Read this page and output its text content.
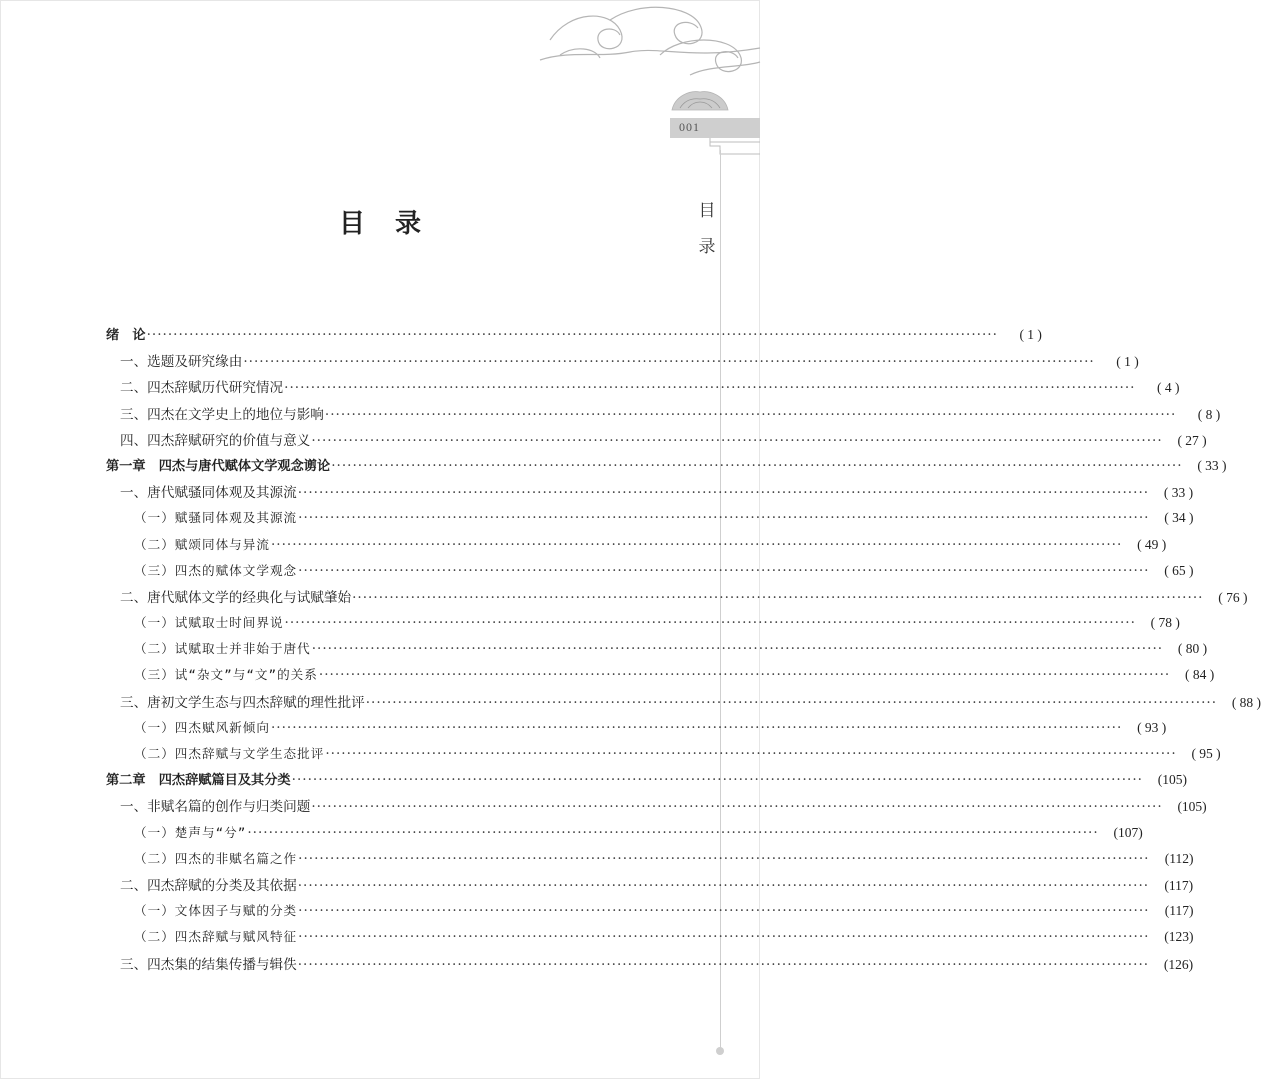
001
目
录
目录
绪　论 ································································································································································	( 1 )
一、选题及研究缘由 ································································································································································	( 1 )
二、四杰辞赋历代研究情况 ································································································································································	( 4 )
三、四杰在文学史上的地位与影响 ································································································································································	( 8 )
四、四杰辞赋研究的价值与意义 ································································································································································	( 27 )
第一章　四杰与唐代赋体文学观念谫论 ································································································································································	( 33 )
一、唐代赋骚同体观及其源流 ································································································································································	( 33 )
（一）赋骚同体观及其源流 ································································································································································	( 34 )
（二）赋颂同体与异流 ································································································································································	( 49 )
（三）四杰的赋体文学观念 ································································································································································	( 65 )
二、唐代赋体文学的经典化与试赋肇始 ································································································································································	( 76 )
（一）试赋取士时间界说 ································································································································································	( 78 )
（二）试赋取士并非始于唐代 ································································································································································	( 80 )
（三）试“杂文”与“文”的关系 ································································································································································	( 84 )
三、唐初文学生态与四杰辞赋的理性批评 ································································································································································	( 88 )
（一）四杰赋风新倾向 ································································································································································	( 93 )
（二）四杰辞赋与文学生态批评 ································································································································································	( 95 )
第二章　四杰辞赋篇目及其分类 ································································································································································	(105)
一、非赋名篇的创作与归类问题 ································································································································································	(105)
（一）楚声与“兮” ································································································································································	(107)
（二）四杰的非赋名篇之作 ································································································································································	(112)
二、四杰辞赋的分类及其依据 ································································································································································	(117)
（一）文体因子与赋的分类 ································································································································································	(117)
（二）四杰辞赋与赋风特征 ································································································································································	(123)
三、四杰集的结集传播与辑佚 ································································································································································	(126)
